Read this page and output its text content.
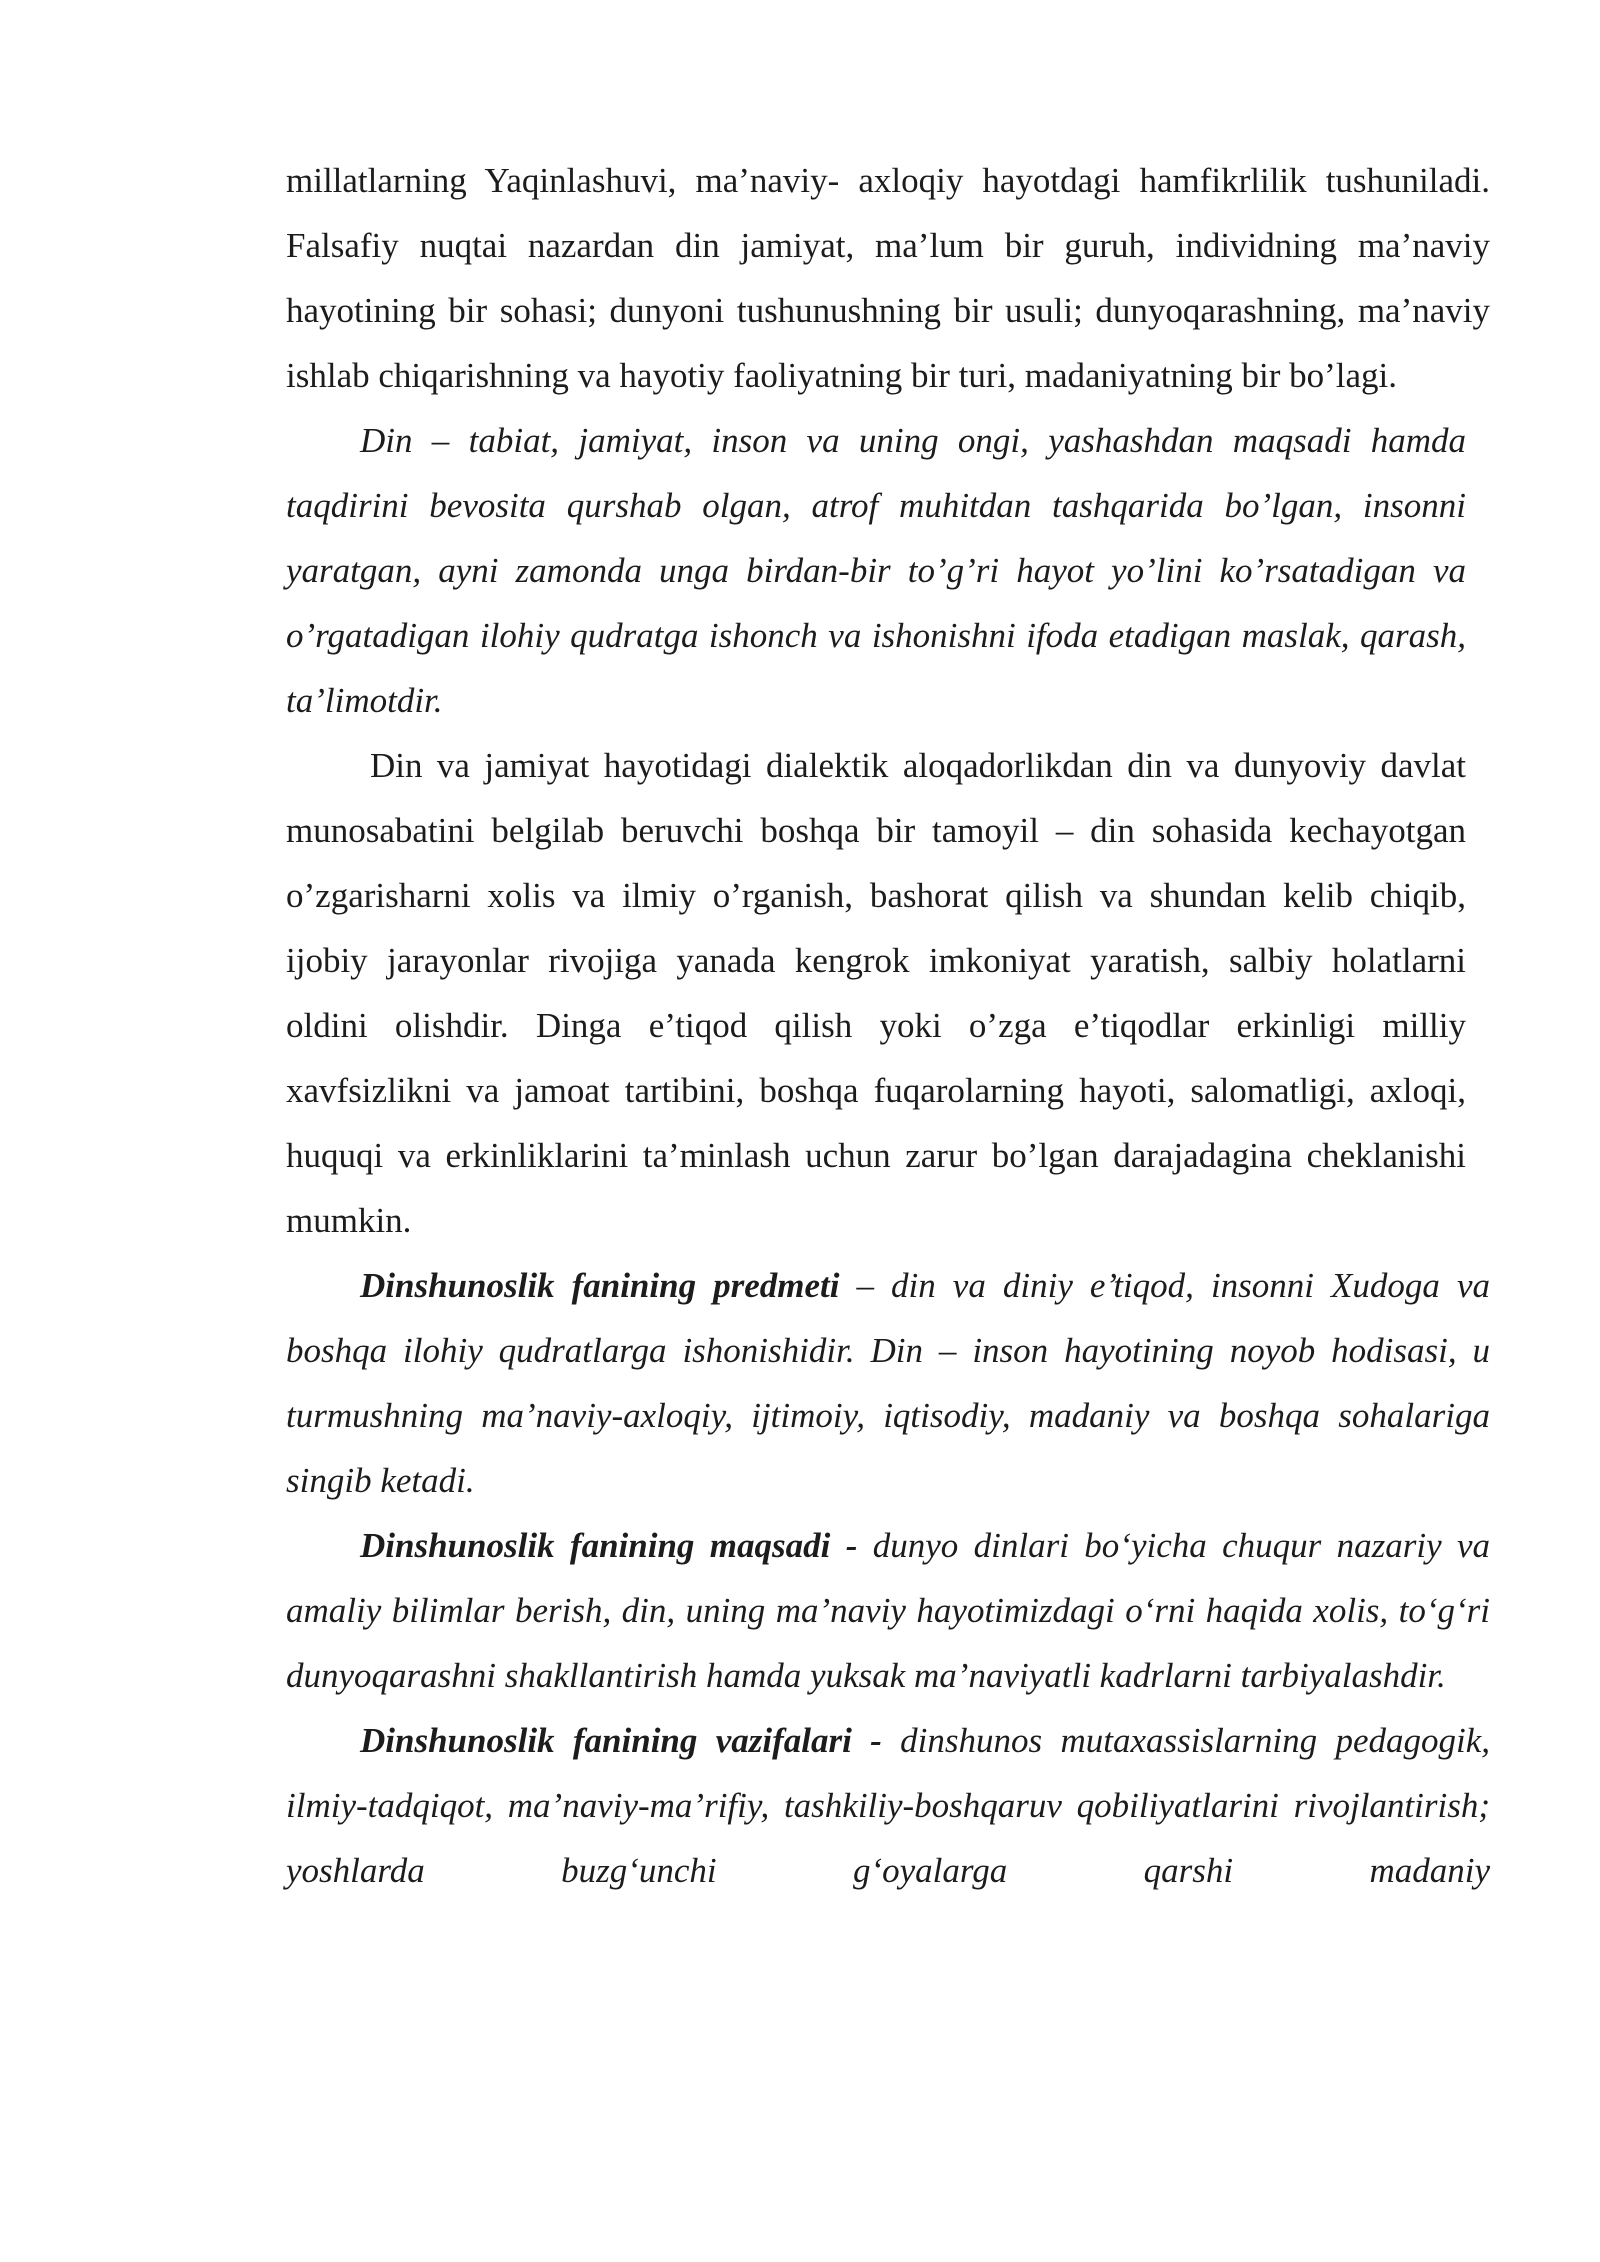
millatlarning Yaqinlashuvi, ma’naviy- axloqiy hayotdagi hamfikrlilik tushuniladi. Falsafiy nuqtai nazardan din jamiyat, ma’lum bir guruh, individning ma’naviy hayotining bir sohasi; dunyoni tushunushning bir usuli; dunyoqarashning, ma’naviy ishlab chiqarishning va hayotiy faoliyatning bir turi, madaniyatning bir bo’lagi.

Din – tabiat, jamiyat, inson va uning ongi, yashashdan maqsadi hamda taqdirini bevosita qurshab olgan, atrof muhitdan tashqarida bo’lgan, insonni yaratgan, ayni zamonda unga birdan-bir to’g’ri hayot yo’lini ko’rsatadigan va o’rgatadigan ilohiy qudratga ishonch va ishonishni ifoda etadigan maslak, qarash, ta’limotdir.

Din va jamiyat hayotidagi dialektik aloqadorlikdan din va dunyoviy davlat munosabatini belgilab beruvchi boshqa bir tamoyil – din sohasida kechayotgan o’zgarisharni xolis va ilmiy o’rganish, bashorat qilish va shundan kelib chiqib, ijobiy jarayonlar rivojiga yanada kengrok imkoniyat yaratish, salbiy holatlarni oldini olishdir. Dinga e’tiqod qilish yoki o’zga e’tiqodlar erkinligi milliy xavfsizlikni va jamoat tartibini, boshqa fuqarolarning hayoti, salomatligi, axloqi, huquqi va erkinliklarini ta’minlash uchun zarur bo’lgan darajadagina cheklanishi mumkin.

Dinshunoslik fanining predmeti – din va diniy e’tiqod, insonni Xudoga va boshqa ilohiy qudratlarga ishonishidir. Din – inson hayotining noyob hodisasi, u turmushning ma’naviy-axloqiy, ijtimoiy, iqtisodiy, madaniy va boshqa sohalariga singib ketadi.

Dinshunoslik fanining maqsadi - dunyo dinlari bo‘yicha chuqur nazariy va amaliy bilimlar berish, din, uning ma’naviy hayotimizdagi o‘rni haqida xolis, to‘g‘ri dunyoqarashni shakllantirish hamda yuksak ma’naviyatli kadrlarni tarbiyalashdir.

Dinshunoslik fanining vazifalari - dinshunos mutaxassislarning pedagogik, ilmiy-tadqiqot, ma’naviy-ma’rifiy, tashkiliy-boshqaruv qobiliyatlarini rivojlantirish; yoshlarda buzg‘unchi g‘oyalarga qarshi madaniy
